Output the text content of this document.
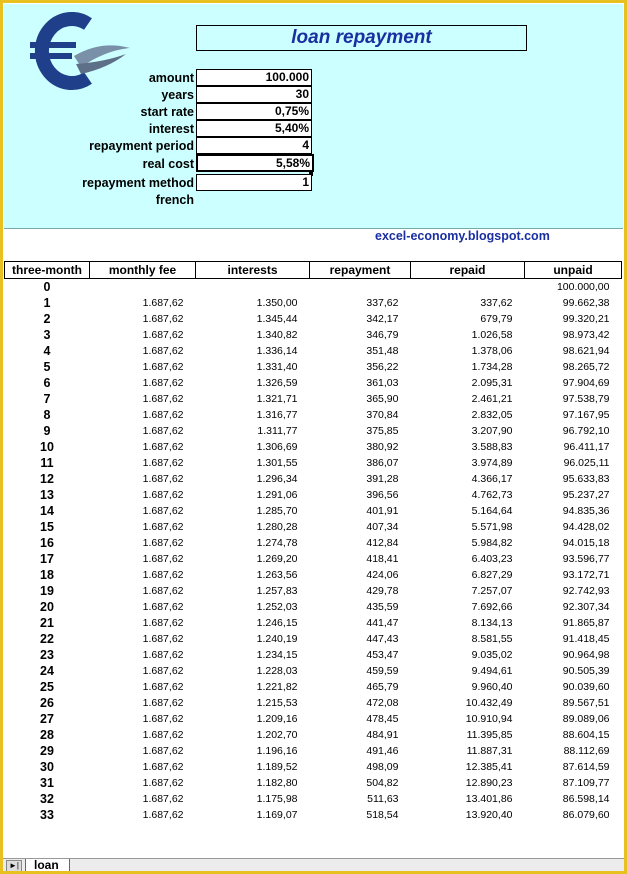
loan repayment
amount	100.000
years	30
start rate	0,75%
interest	5,40%
repayment period	4
real cost	5,58%
repayment method	1
french
excel-economy.blogspot.com
three-month	monthly fee	interests	repayment	repaid	unpaid
0					100.000,00
1	1.687,62	1.350,00	337,62	337,62	99.662,38
2	1.687,62	1.345,44	342,17	679,79	99.320,21
3	1.687,62	1.340,82	346,79	1.026,58	98.973,42
4	1.687,62	1.336,14	351,48	1.378,06	98.621,94
5	1.687,62	1.331,40	356,22	1.734,28	98.265,72
6	1.687,62	1.326,59	361,03	2.095,31	97.904,69
7	1.687,62	1.321,71	365,90	2.461,21	97.538,79
8	1.687,62	1.316,77	370,84	2.832,05	97.167,95
9	1.687,62	1.311,77	375,85	3.207,90	96.792,10
10	1.687,62	1.306,69	380,92	3.588,83	96.411,17
11	1.687,62	1.301,55	386,07	3.974,89	96.025,11
12	1.687,62	1.296,34	391,28	4.366,17	95.633,83
13	1.687,62	1.291,06	396,56	4.762,73	95.237,27
14	1.687,62	1.285,70	401,91	5.164,64	94.835,36
15	1.687,62	1.280,28	407,34	5.571,98	94.428,02
16	1.687,62	1.274,78	412,84	5.984,82	94.015,18
17	1.687,62	1.269,20	418,41	6.403,23	93.596,77
18	1.687,62	1.263,56	424,06	6.827,29	93.172,71
19	1.687,62	1.257,83	429,78	7.257,07	92.742,93
20	1.687,62	1.252,03	435,59	7.692,66	92.307,34
21	1.687,62	1.246,15	441,47	8.134,13	91.865,87
22	1.687,62	1.240,19	447,43	8.581,55	91.418,45
23	1.687,62	1.234,15	453,47	9.035,02	90.964,98
24	1.687,62	1.228,03	459,59	9.494,61	90.505,39
25	1.687,62	1.221,82	465,79	9.960,40	90.039,60
26	1.687,62	1.215,53	472,08	10.432,49	89.567,51
27	1.687,62	1.209,16	478,45	10.910,94	89.089,06
28	1.687,62	1.202,70	484,91	11.395,85	88.604,15
29	1.687,62	1.196,16	491,46	11.887,31	88.112,69
30	1.687,62	1.189,52	498,09	12.385,41	87.614,59
31	1.687,62	1.182,80	504,82	12.890,23	87.109,77
32	1.687,62	1.175,98	511,63	13.401,86	86.598,14
33	1.687,62	1.169,07	518,54	13.920,40	86.079,60
►|	loan
